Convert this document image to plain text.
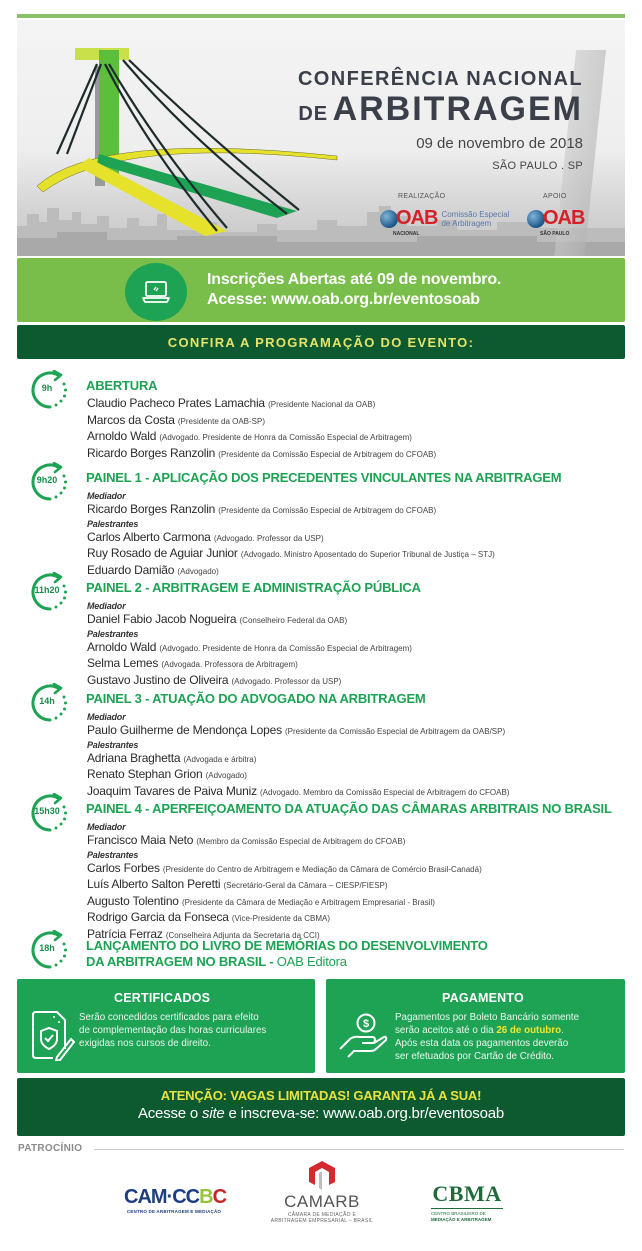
CONFERÊNCIA NACIONAL
DE ARBITRAGEM
09 de novembro de 2018
SÃO PAULO . SP
REALIZAÇÃO
OAB Comissão Especial
de Arbitragem
NACIONAL
APOIO
OAB
SÃO PAULO
Inscrições Abertas até 09 de novembro.
Acesse: www.oab.org.br/eventosoab
CONFIRA A PROGRAMAÇÃO DO EVENTO:
9h	ABERTURA
Claudio Pacheco Prates Lamachia (Presidente Nacional da OAB)
Marcos da Costa (Presidente da OAB-SP)
Arnoldo Wald (Advogado. Presidente de Honra da Comissão Especial de Arbitragem)
Ricardo Borges Ranzolin (Presidente da Comissão Especial de Arbitragem do CFOAB)
9h20	PAINEL 1 - APLICAÇÃO DOS PRECEDENTES VINCULANTES NA ARBITRAGEM
Mediador
Ricardo Borges Ranzolin (Presidente da Comissão Especial de Arbitragem do CFOAB)
Palestrantes
Carlos Alberto Carmona (Advogado. Professor da USP)
Ruy Rosado de Aguiar Junior (Advogado. Ministro Aposentado do Superior Tribunal de Justiça – STJ)
Eduardo Damião (Advogado)
11h20	PAINEL 2 - ARBITRAGEM E ADMINISTRAÇÃO PÚBLICA
Mediador
Daniel Fabio Jacob Nogueira (Conselheiro Federal da OAB)
Palestrantes
Arnoldo Wald (Advogado. Presidente de Honra da Comissão Especial de Arbitragem)
Selma Lemes (Advogada. Professora de Arbitragem)
Gustavo Justino de Oliveira (Advogado. Professor da USP)
14h	PAINEL 3 - ATUAÇÃO DO ADVOGADO NA ARBITRAGEM
Mediador
Paulo Guilherme de Mendonça Lopes (Presidente da Comissão Especial de Arbitragem da OAB/SP)
Palestrantes
Adriana Braghetta (Advogada e árbitra)
Renato Stephan Grion (Advogado)
Joaquim Tavares de Paiva Muniz (Advogado. Membro da Comissão Especial de Arbitragem do CFOAB)
15h30	PAINEL 4 - APERFEIÇOAMENTO DA ATUAÇÃO DAS CÂMARAS ARBITRAIS NO BRASIL
Mediador
Francisco Maia Neto (Membro da Comissão Especial de Arbitragem do CFOAB)
Palestrantes
Carlos Forbes (Presidente do Centro de Arbitragem e Mediação da Câmara de Comércio Brasil-Canadá)
Luís Alberto Salton Peretti (Secretário-Geral da Câmara – CIESP/FIESP)
Augusto Tolentino (Presidente da Câmara de Mediação e Arbitragem Empresarial - Brasil)
Rodrigo Garcia da Fonseca (Vice-Presidente da CBMA)
Patrícia Ferraz (Conselheira Adjunta da Secretaria da CCI)
18h	LANÇAMENTO DO LIVRO DE MEMÓRIAS DO DESENVOLVIMENTO
DA ARBITRAGEM NO BRASIL - OAB Editora
CERTIFICADOS
Serão concedidos certificados para efeito
de complementação das horas curriculares
exigidas nos cursos de direito.
$
PAGAMENTO
Pagamentos por Boleto Bancário somente
serão aceitos até o dia 26 de outubro.
Após esta data os pagamentos deverão
ser efetuados por Cartão de Crédito.
ATENÇÃO: VAGAS LIMITADAS! GARANTA JÁ A SUA!
Acesse o site e inscreva-se: www.oab.org.br/eventosoab
PATROCÍNIO
CAM·CCBC
CENTRO DE ARBITRAGEM E MEDIAÇÃO
CAMARB
CÂMARA DE MEDIAÇÃO E
ARBITRAGEM EMPRESARIAL – BRASIL
CBMA
CENTRO BRASILEIRO DE
MEDIAÇÃO E ARBITRAGEM
